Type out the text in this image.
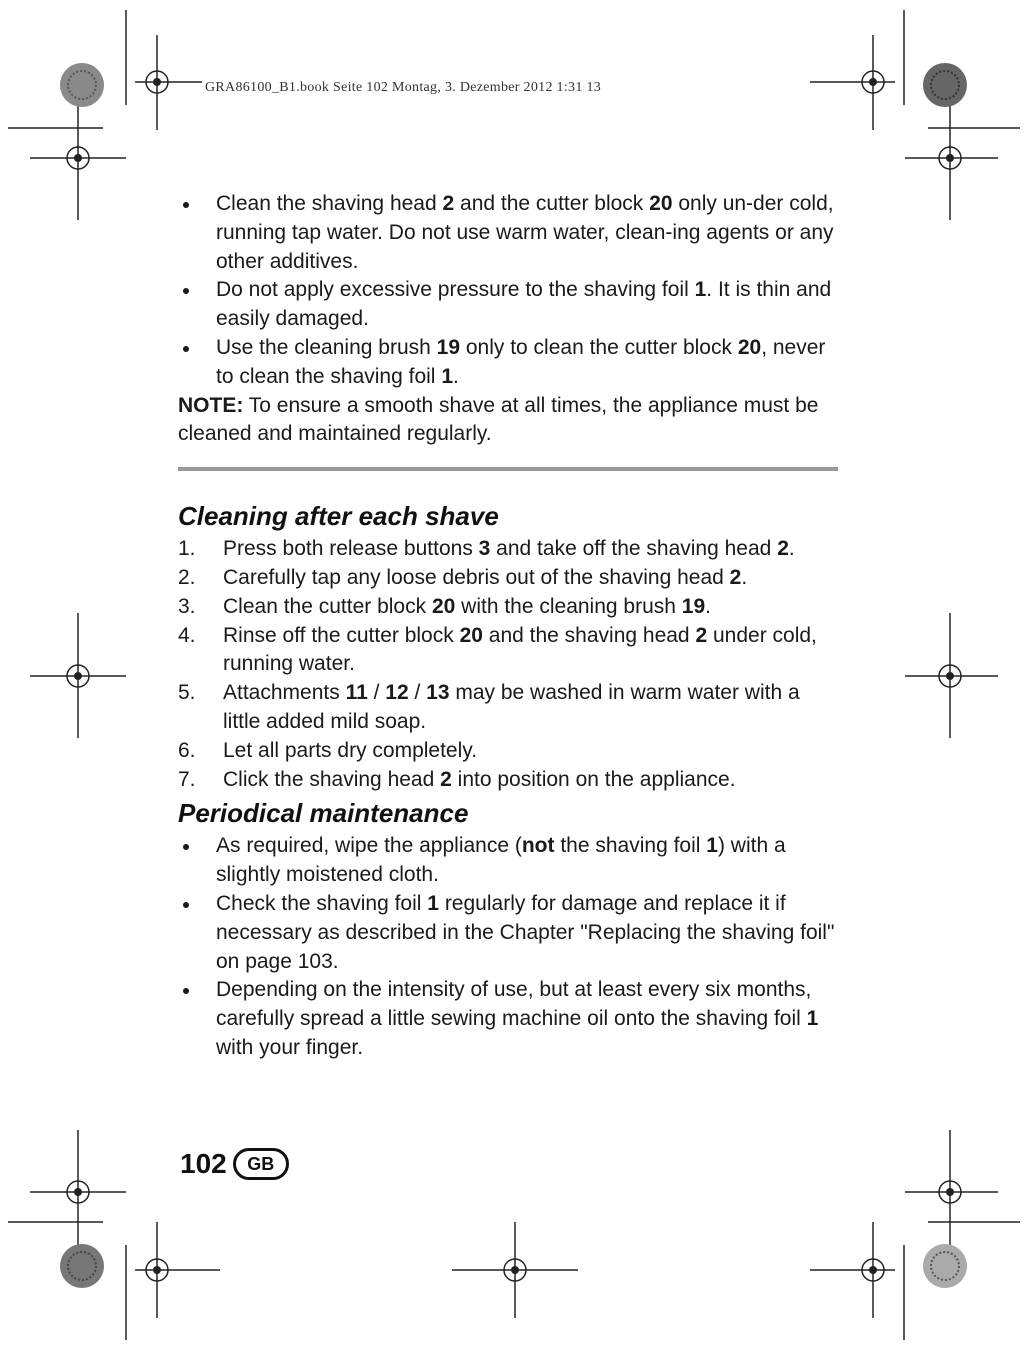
GRA86100_B1.book Seite 102 Montag, 3. Dezember 2012 1:31 13
Clean the shaving head 2 and the cutter block 20 only un-der cold, running tap water. Do not use warm water, clean-ing agents or any other additives.
Do not apply excessive pressure to the shaving foil 1. It is thin and easily damaged.
Use the cleaning brush 19 only to clean the cutter block 20, never to clean the shaving foil 1.

NOTE: To ensure a smooth shave at all times, the appliance must be cleaned and maintained regularly.

Cleaning after each shave
1. Press both release buttons 3 and take off the shaving head 2.
2. Carefully tap any loose debris out of the shaving head 2.
3. Clean the cutter block 20 with the cleaning brush 19.
4. Rinse off the cutter block 20 and the shaving head 2 under cold, running water.
5. Attachments 11 / 12 / 13 may be washed in warm water with a little added mild soap.
6. Let all parts dry completely.
7. Click the shaving head 2 into position on the appliance.
Periodical maintenance
As required, wipe the appliance (not the shaving foil 1) with a slightly moistened cloth.
Check the shaving foil 1 regularly for damage and replace it if necessary as described in the Chapter "Replacing the shaving foil" on page 103.
Depending on the intensity of use, but at least every six months, carefully spread a little sewing machine oil onto the shaving foil 1 with your finger.
102	GB
